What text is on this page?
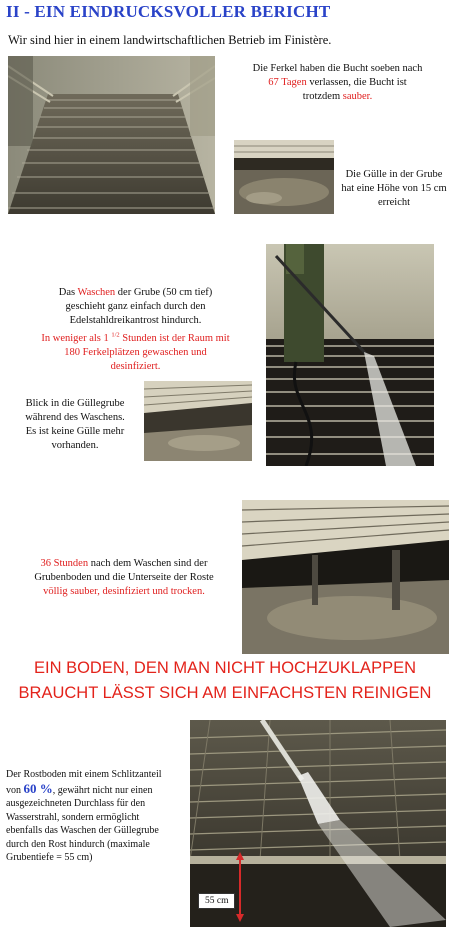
II - EIN EINDRUCKSVOLLER BERICHT
Wir sind hier in einem landwirtschaftlichen Betrieb im Finistère.
Die Ferkel haben die Bucht soeben nach
67 Tagen verlassen, die Bucht ist
trotzdem sauber.
Die Gülle in der Grube
hat eine Höhe von 15 cm
erreicht
Das Waschen der Grube (50 cm tief)
geschieht ganz einfach durch den
Edelstahldreikantrost hindurch.
In weniger als 1 $^{1/2}$ Stunden ist der Raum mit
180 Ferkelplätzen gewaschen und
desinfiziert.
Blick in die Güllegrube
während des Waschens.
Es ist keine Gülle mehr
vorhanden.
36 Stunden nach dem Waschen sind der
Grubenboden und die Unterseite der Roste
völlig sauber, desinfiziert und trocken.
EIN BODEN, DEN MAN NICHT HOCHZUKLAPPEN
BRAUCHT LÄSST SICH AM EINFACHSTEN REINIGEN
Der Rostboden mit einem Schlitzanteil
von 60 %, gewährt nicht nur einen
ausgezeichneten Durchlass für den
Wasserstrahl, sondern ermöglicht
ebenfalls das Waschen der Güllegrube
durch den Rost hindurch (maximale
Grubentiefe = 55 cm)
55 cm
